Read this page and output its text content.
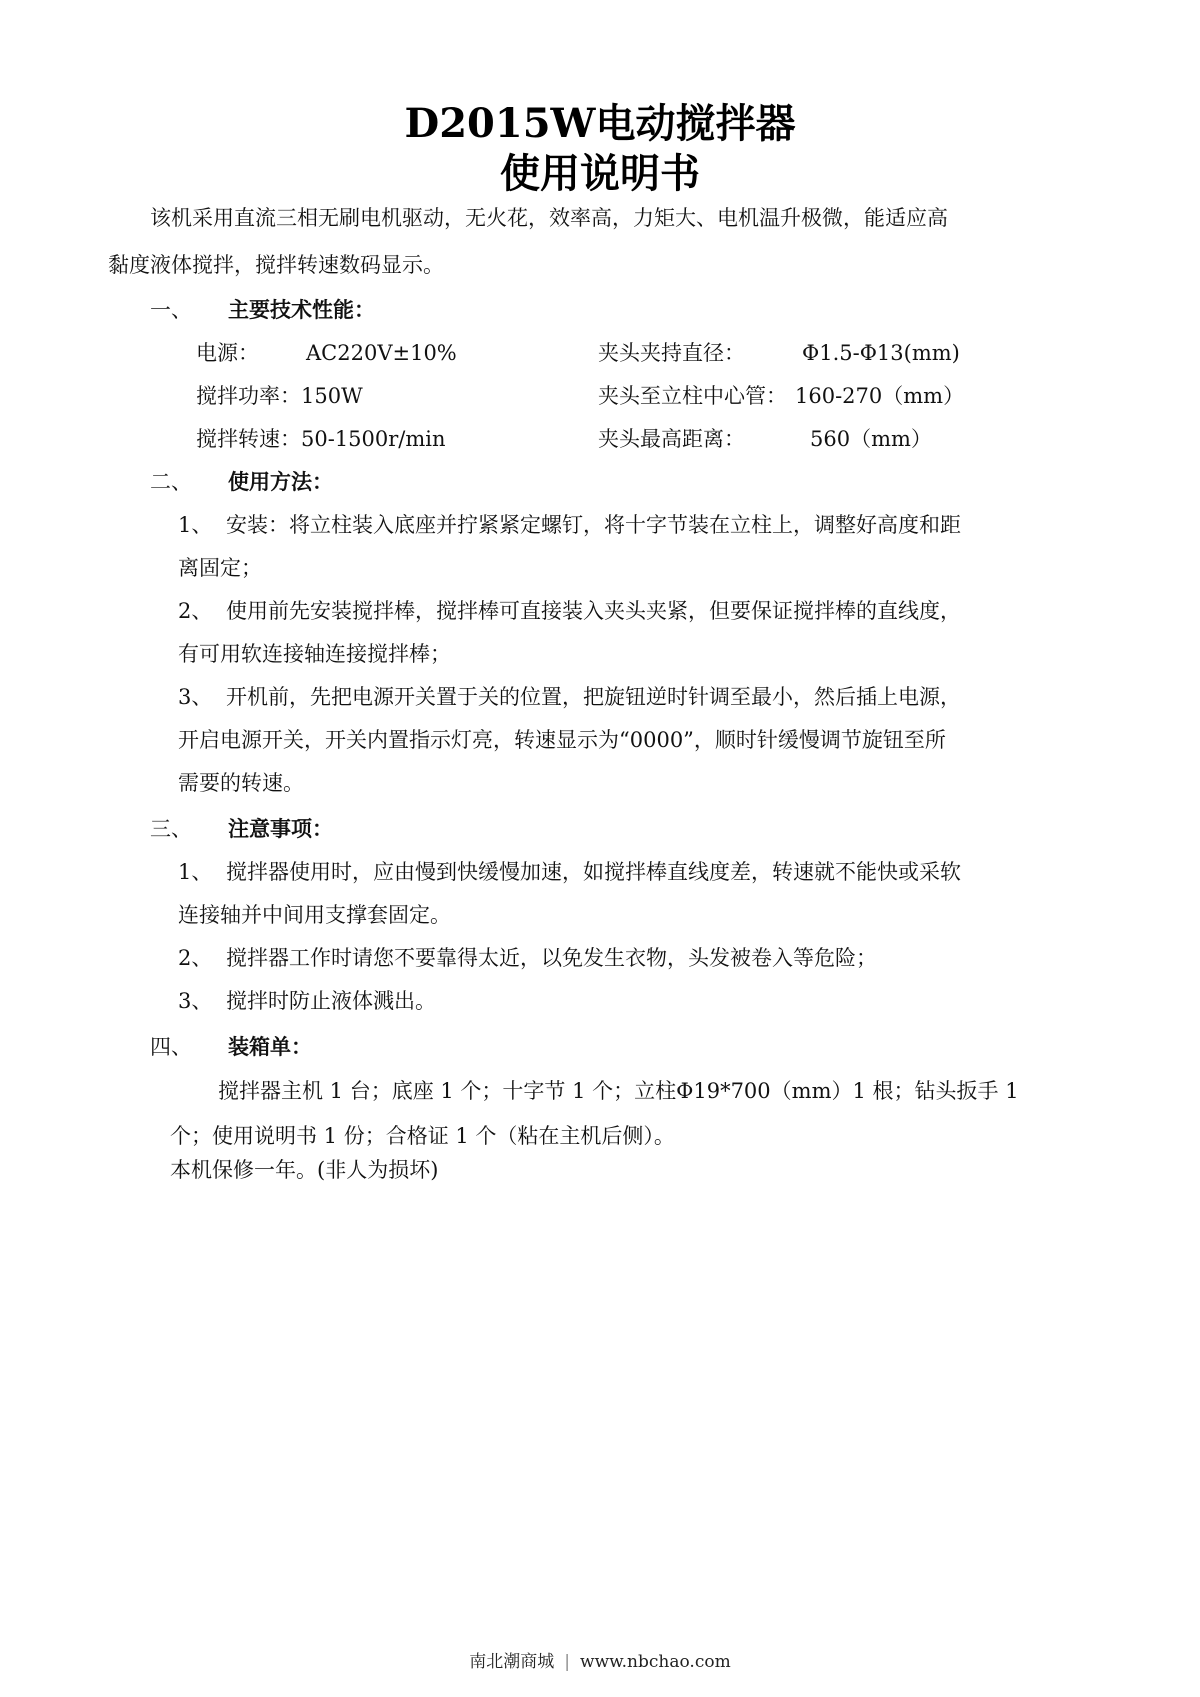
D2015W电动搅拌器
使用说明书
该机采用直流三相无刷电机驱动，无火花，效率高，力矩大、电机温升极微，能适应高
黏度液体搅拌，搅拌转速数码显示。
一、 主要技术性能：
电源： AC220V±10%	夹头夹持直径：	Φ1.5-Φ13(mm)
搅拌功率：150W	夹头至立柱中心管： 160-270（mm）
搅拌转速：50-1500r/min	夹头最高距离：	560（mm）
二、 使用方法：
1、 安装：将立柱装入底座并拧紧紧定螺钉，将十字节装在立柱上，调整好高度和距
离固定；
2、 使用前先安装搅拌棒，搅拌棒可直接装入夹头夹紧，但要保证搅拌棒的直线度，
有可用软连接轴连接搅拌棒；
3、 开机前，先把电源开关置于关的位置，把旋钮逆时针调至最小，然后插上电源，
开启电源开关，开关内置指示灯亮，转速显示为“0000”，顺时针缓慢调节旋钮至所
需要的转速。
三、 注意事项：
1、 搅拌器使用时，应由慢到快缓慢加速，如搅拌棒直线度差，转速就不能快或采软
连接轴并中间用支撑套固定。
2、 搅拌器工作时请您不要靠得太近，以免发生衣物，头发被卷入等危险；
3、 搅拌时防止液体溅出。
四、 装箱单：
搅拌器主机 1 台；底座 1 个；十字节 1 个；立柱Φ19*700（mm）1 根；钻头扳手 1
个；使用说明书 1 份；合格证 1 个（粘在主机后侧）。
本机保修一年。(非人为损坏)
南北潮商城 | www.nbchao.com
